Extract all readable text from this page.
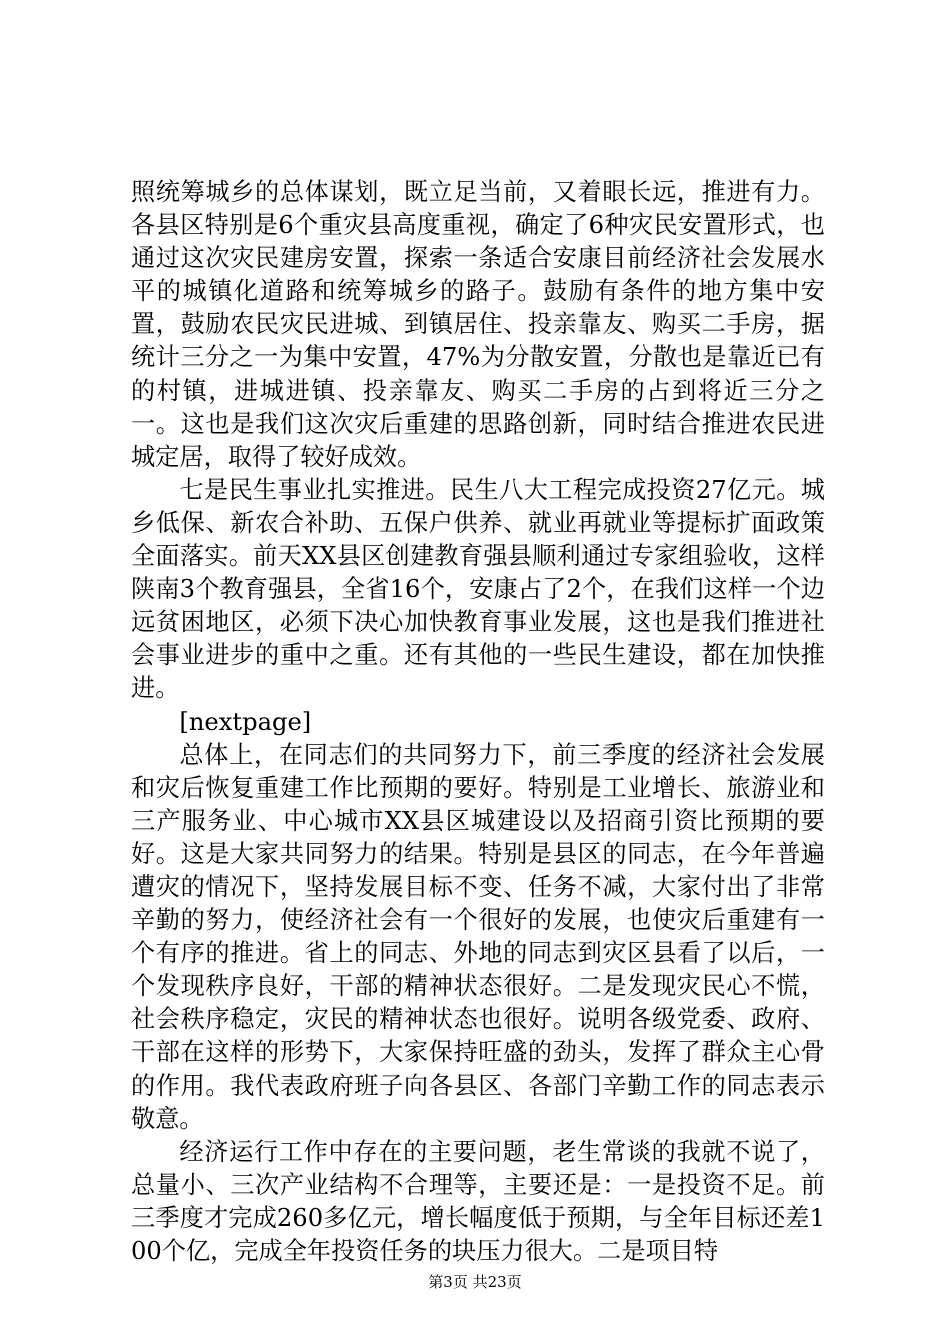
照统筹城乡的总体谋划，既立足当前，又着眼长远，推进有力。各县区特别是6个重灾县高度重视，确定了6种灾民安置形式，也通过这次灾民建房安置，探索一条适合安康目前经济社会发展水平的城镇化道路和统筹城乡的路子。鼓励有条件的地方集中安置，鼓励农民灾民进城、到镇居住、投亲靠友、购买二手房，据统计三分之一为集中安置，47%为分散安置，分散也是靠近已有的村镇，进城进镇、投亲靠友、购买二手房的占到将近三分之一。这也是我们这次灾后重建的思路创新，同时结合推进农民进城定居，取得了较好成效。

七是民生事业扎实推进。民生八大工程完成投资27亿元。城乡低保、新农合补助、五保户供养、就业再就业等提标扩面政策全面落实。前天XX县区创建教育强县顺利通过专家组验收，这样陕南3个教育强县，全省16个，安康占了2个，在我们这样一个边远贫困地区，必须下决心加快教育事业发展，这也是我们推进社会事业进步的重中之重。还有其他的一些民生建设，都在加快推进。

[nextpage]

总体上，在同志们的共同努力下，前三季度的经济社会发展和灾后恢复重建工作比预期的要好。特别是工业增长、旅游业和三产服务业、中心城市XX县区城建设以及招商引资比预期的要好。这是大家共同努力的结果。特别是县区的同志，在今年普遍遭灾的情况下，坚持发展目标不变、任务不减，大家付出了非常辛勤的努力，使经济社会有一个很好的发展，也使灾后重建有一个有序的推进。省上的同志、外地的同志到灾区县看了以后，一个发现秩序良好，干部的精神状态很好。二是发现灾民心不慌，社会秩序稳定，灾民的精神状态也很好。说明各级党委、政府、干部在这样的形势下，大家保持旺盛的劲头，发挥了群众主心骨的作用。我代表政府班子向各县区、各部门辛勤工作的同志表示敬意。

经济运行工作中存在的主要问题，老生常谈的我就不说了，总量小、三次产业结构不合理等，主要还是：一是投资不足。前三季度才完成260多亿元，增长幅度低于预期，与全年目标还差100个亿，完成全年投资任务的块压力很大。二是项目特

第3页 共23页
